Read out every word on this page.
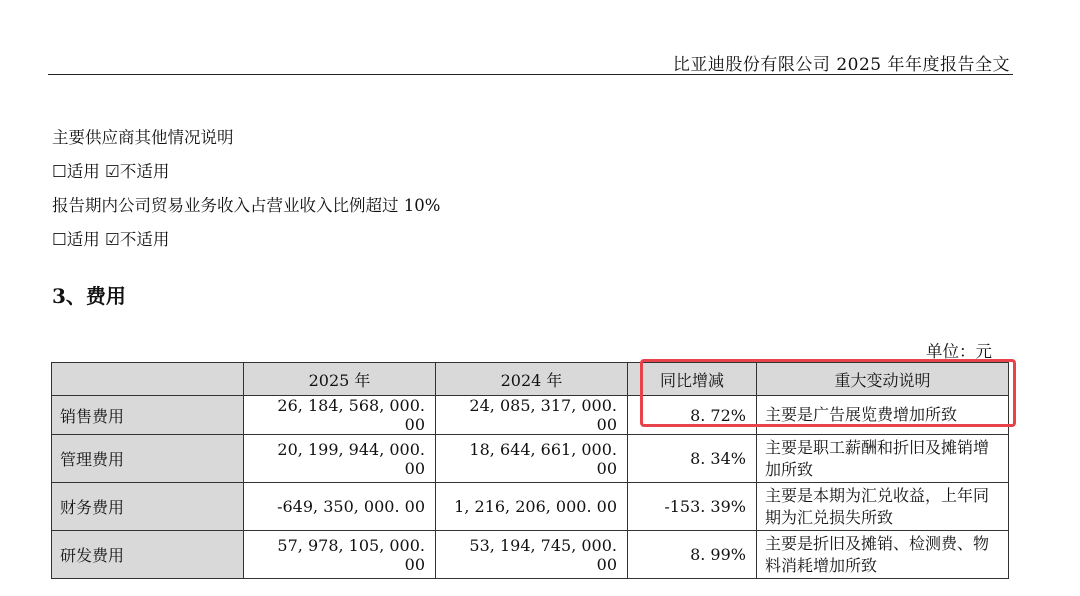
比亚迪股份有限公司 2025 年年度报告全文
主要供应商其他情况说明
☐适用 ☑不适用
报告期内公司贸易业务收入占营业收入比例超过 10%
☐适用 ☑不适用
3、费用
单位：元
	2025 年	2024 年	同比增减	重大变动说明
销售费用	26, 184, 568, 000. 00	24, 085, 317, 000. 00	8. 72%	主要是广告展览费增加所致
管理费用	20, 199, 944, 000. 00	18, 644, 661, 000. 00	8. 34%	主要是职工薪酬和折旧及摊销增加所致
财务费用	-649, 350, 000. 00	1, 216, 206, 000. 00	-153. 39%	主要是本期为汇兑收益，上年同期为汇兑损失所致
研发费用	57, 978, 105, 000. 00	53, 194, 745, 000. 00	8. 99%	主要是折旧及摊销、检测费、物料消耗增加所致
